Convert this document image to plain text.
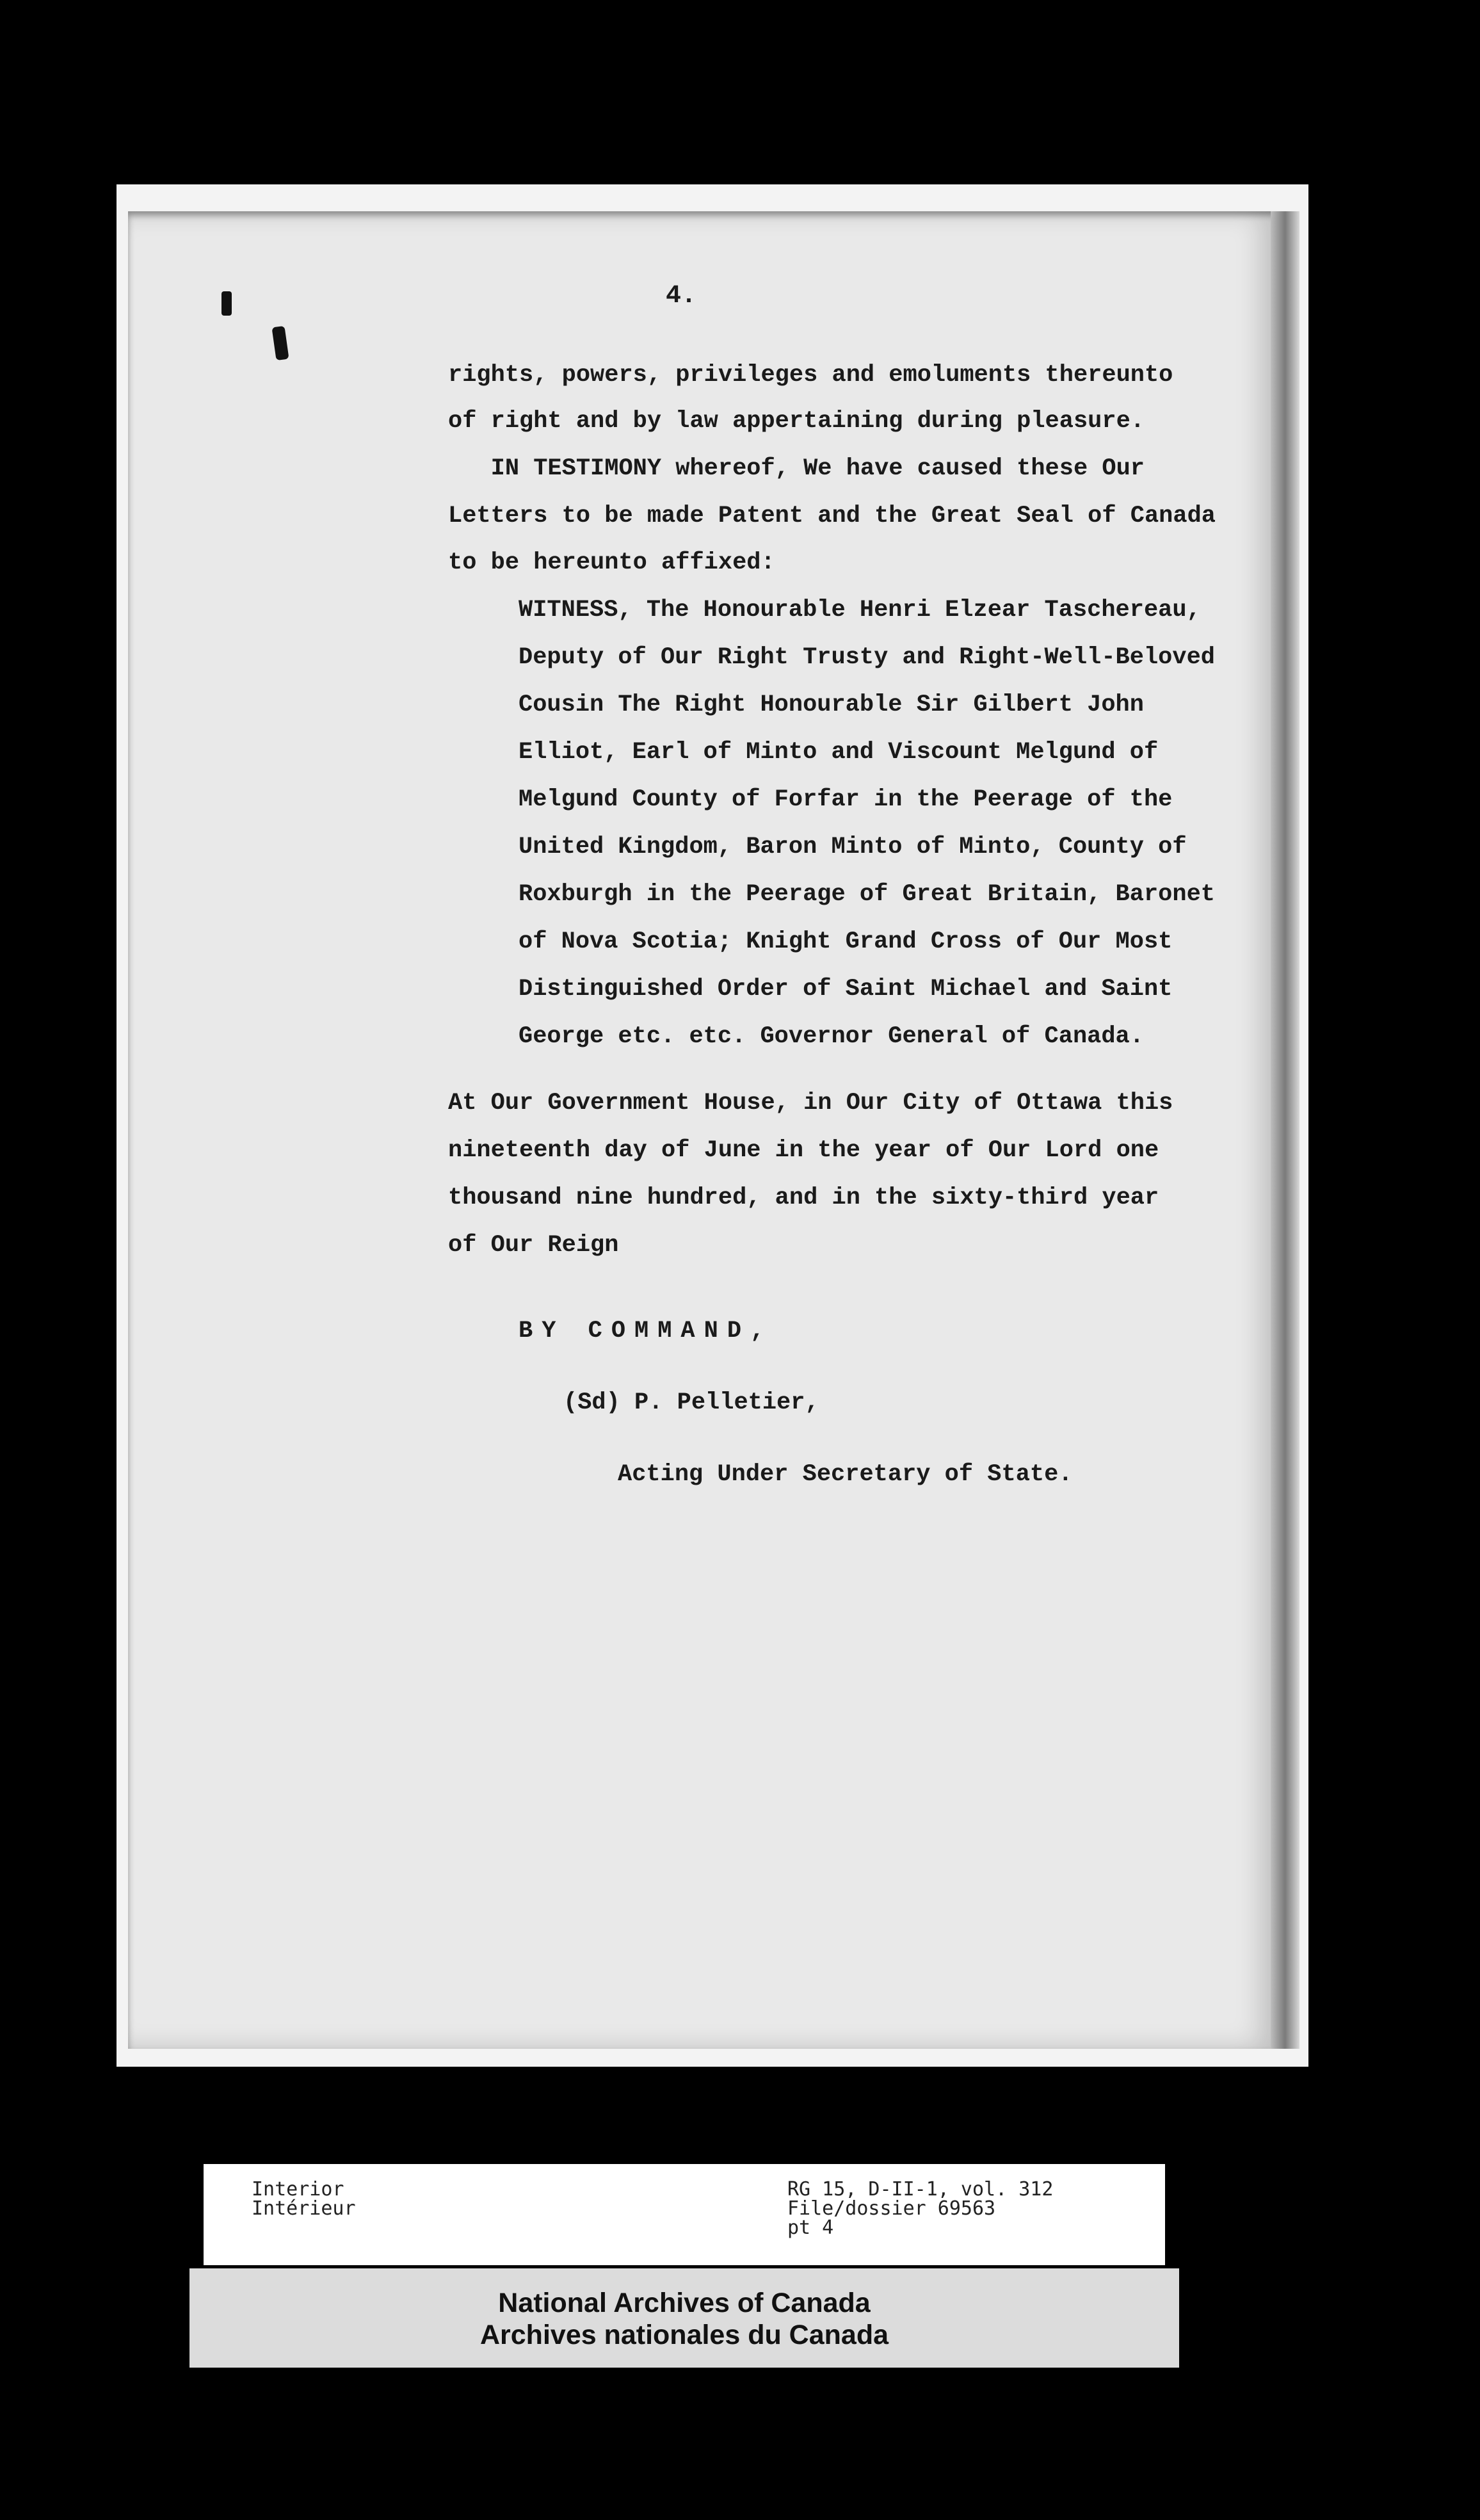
4.
rights, powers, privileges and emoluments thereunto
of right and by law appertaining during pleasure.
IN TESTIMONY whereof, We have caused these Our
Letters to be made Patent and the Great Seal of Canada
to be hereunto affixed:
WITNESS, The Honourable Henri Elzear Taschereau,
Deputy of Our Right Trusty and Right-Well-Beloved
Cousin The Right Honourable Sir Gilbert John
Elliot, Earl of Minto and Viscount Melgund of
Melgund County of Forfar in the Peerage of the
United Kingdom, Baron Minto of Minto, County of
Roxburgh in the Peerage of Great Britain, Baronet
of Nova Scotia; Knight Grand Cross of Our Most
Distinguished Order of Saint Michael and Saint
George etc. etc. Governor General of Canada.
At Our Government House, in Our City of Ottawa this
nineteenth day of June in the year of Our Lord one
thousand nine hundred, and in the sixty-third year
of Our Reign
BY COMMAND,
(Sd) P. Pelletier,
Acting Under Secretary of State.
Interior
Intérieur
RG 15, D-II-1, vol. 312
File/dossier 69563
pt 4
National Archives of Canada
Archives nationales du Canada
